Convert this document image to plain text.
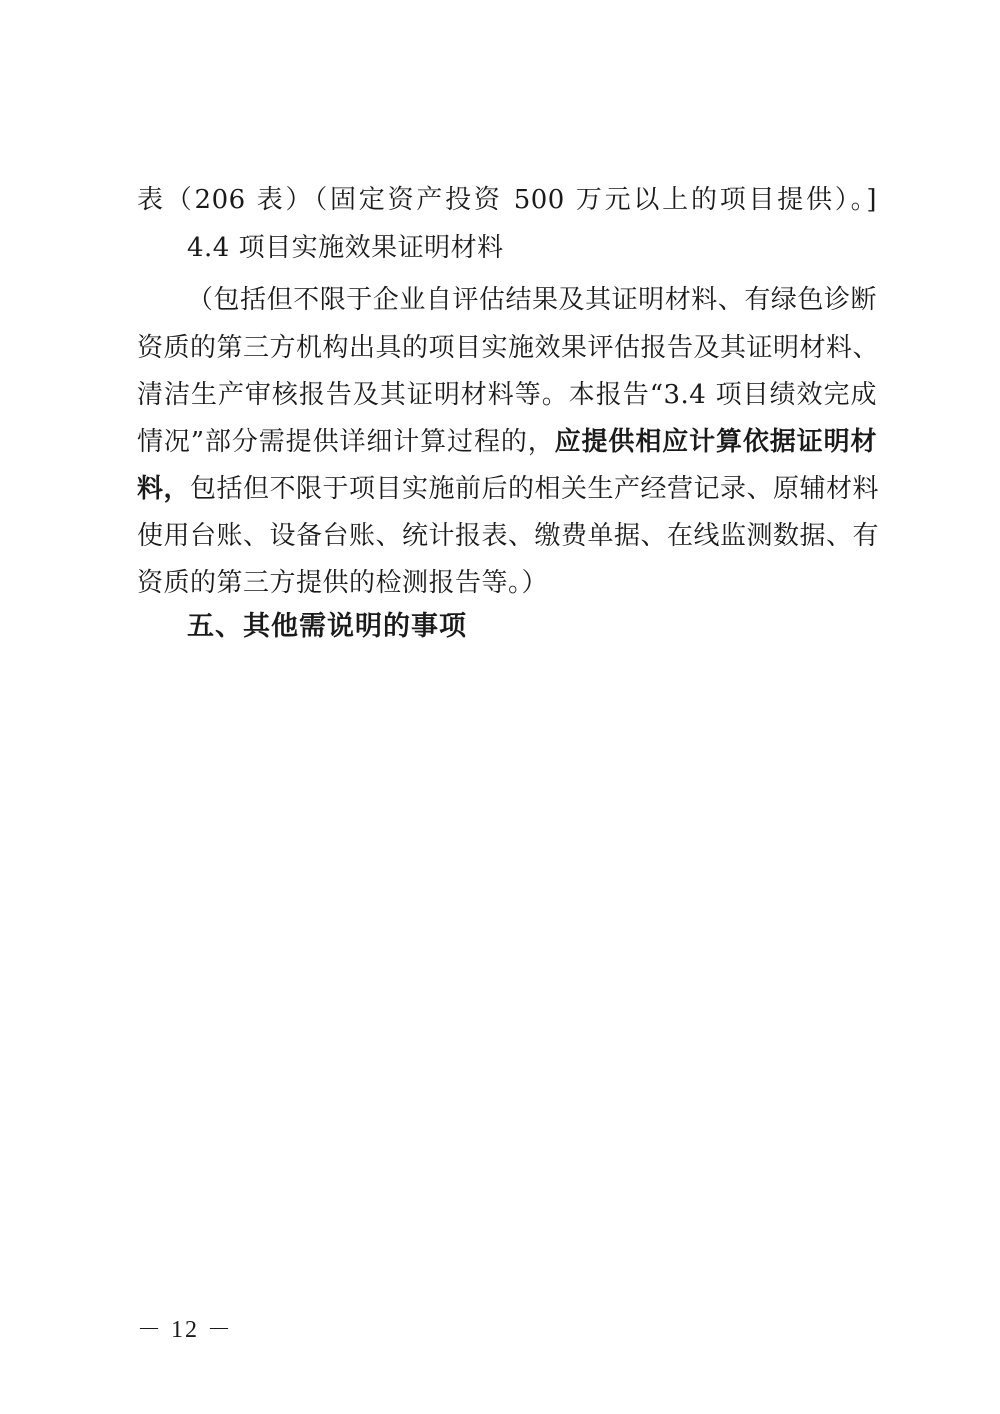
表（206 表）（固定资产投资 500 万元以上的项目提供）。]
4.4 项目实施效果证明材料
（包括但不限于企业自评估结果及其证明材料、有绿色诊断
资质的第三方机构出具的项目实施效果评估报告及其证明材料、
清洁生产审核报告及其证明材料等。本报告“3.4 项目绩效完成
情况”部分需提供详细计算过程的，应提供相应计算依据证明材
料，包括但不限于项目实施前后的相关生产经营记录、原辅材料
使用台账、设备台账、统计报表、缴费单据、在线监测数据、有
资质的第三方提供的检测报告等。）
五、其他需说明的事项
－ 12 －
